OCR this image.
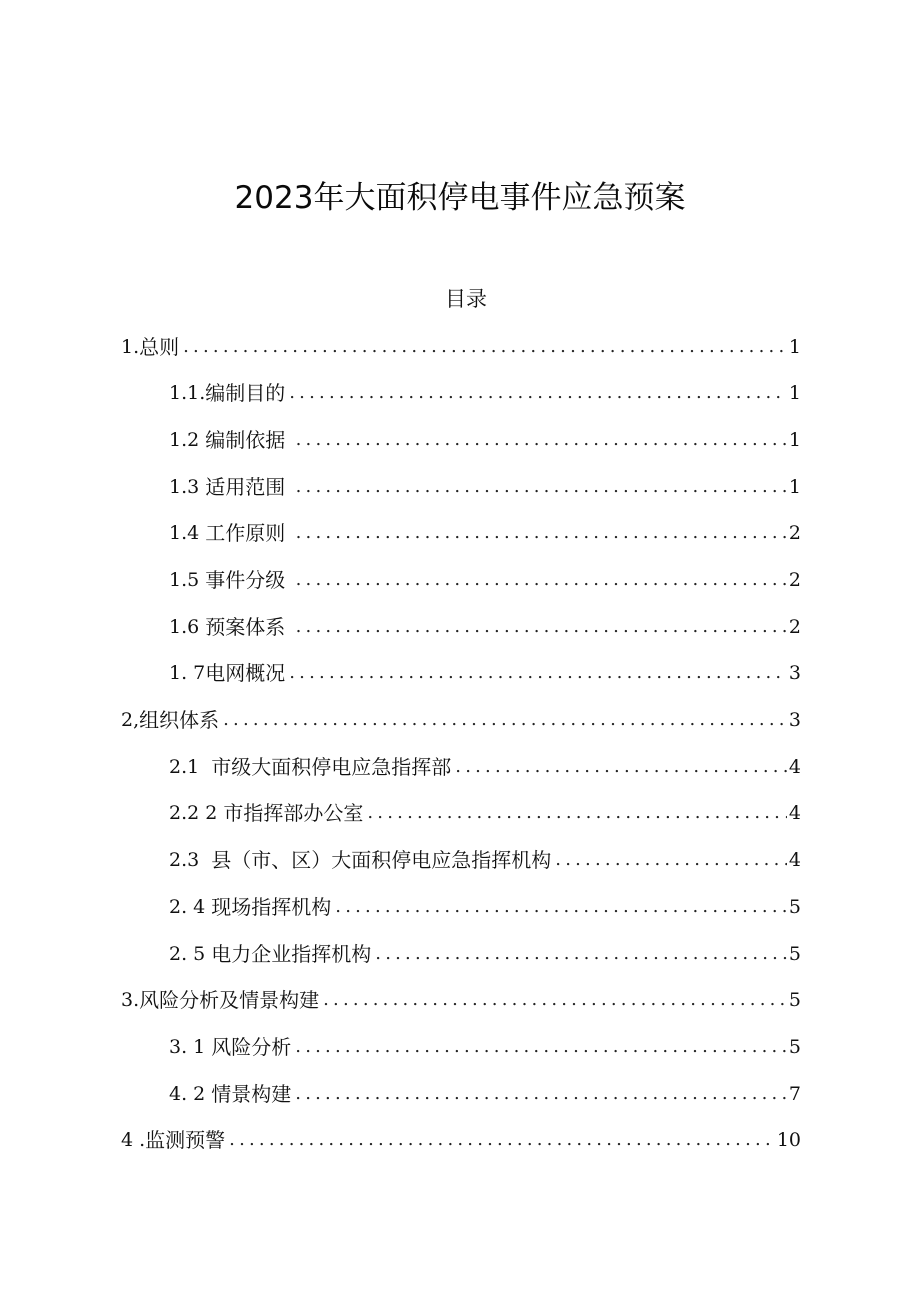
2023年大面积停电事件应急预案
目录
1. 总则 .....	1
1.1. 编制目的 .....	1
1.2 编制依据 .....	1
1.3 适用范围 .....	1
1.4 工作原则 .....	2
1.5 事件分级 .....	2
1.6 预案体系 .....	2
1. 7 电网概况 .....	3
2, 组织体系 .....	3
2.1 市级大面积停电应急指挥部 .....	4
2.2 2 市指挥部办公室 .....	4
2.3 县（市、区）大面积停电应急指挥机构 .....	4
2. 4 现场指挥机构 .....	5
2. 5 电力企业指挥机构 .....	5
3. 风险分析及情景构建 .....	5
3. 1 风险分析 .....	5
4. 2 情景构建 .....	7
4 . 监测预警 .....	10
